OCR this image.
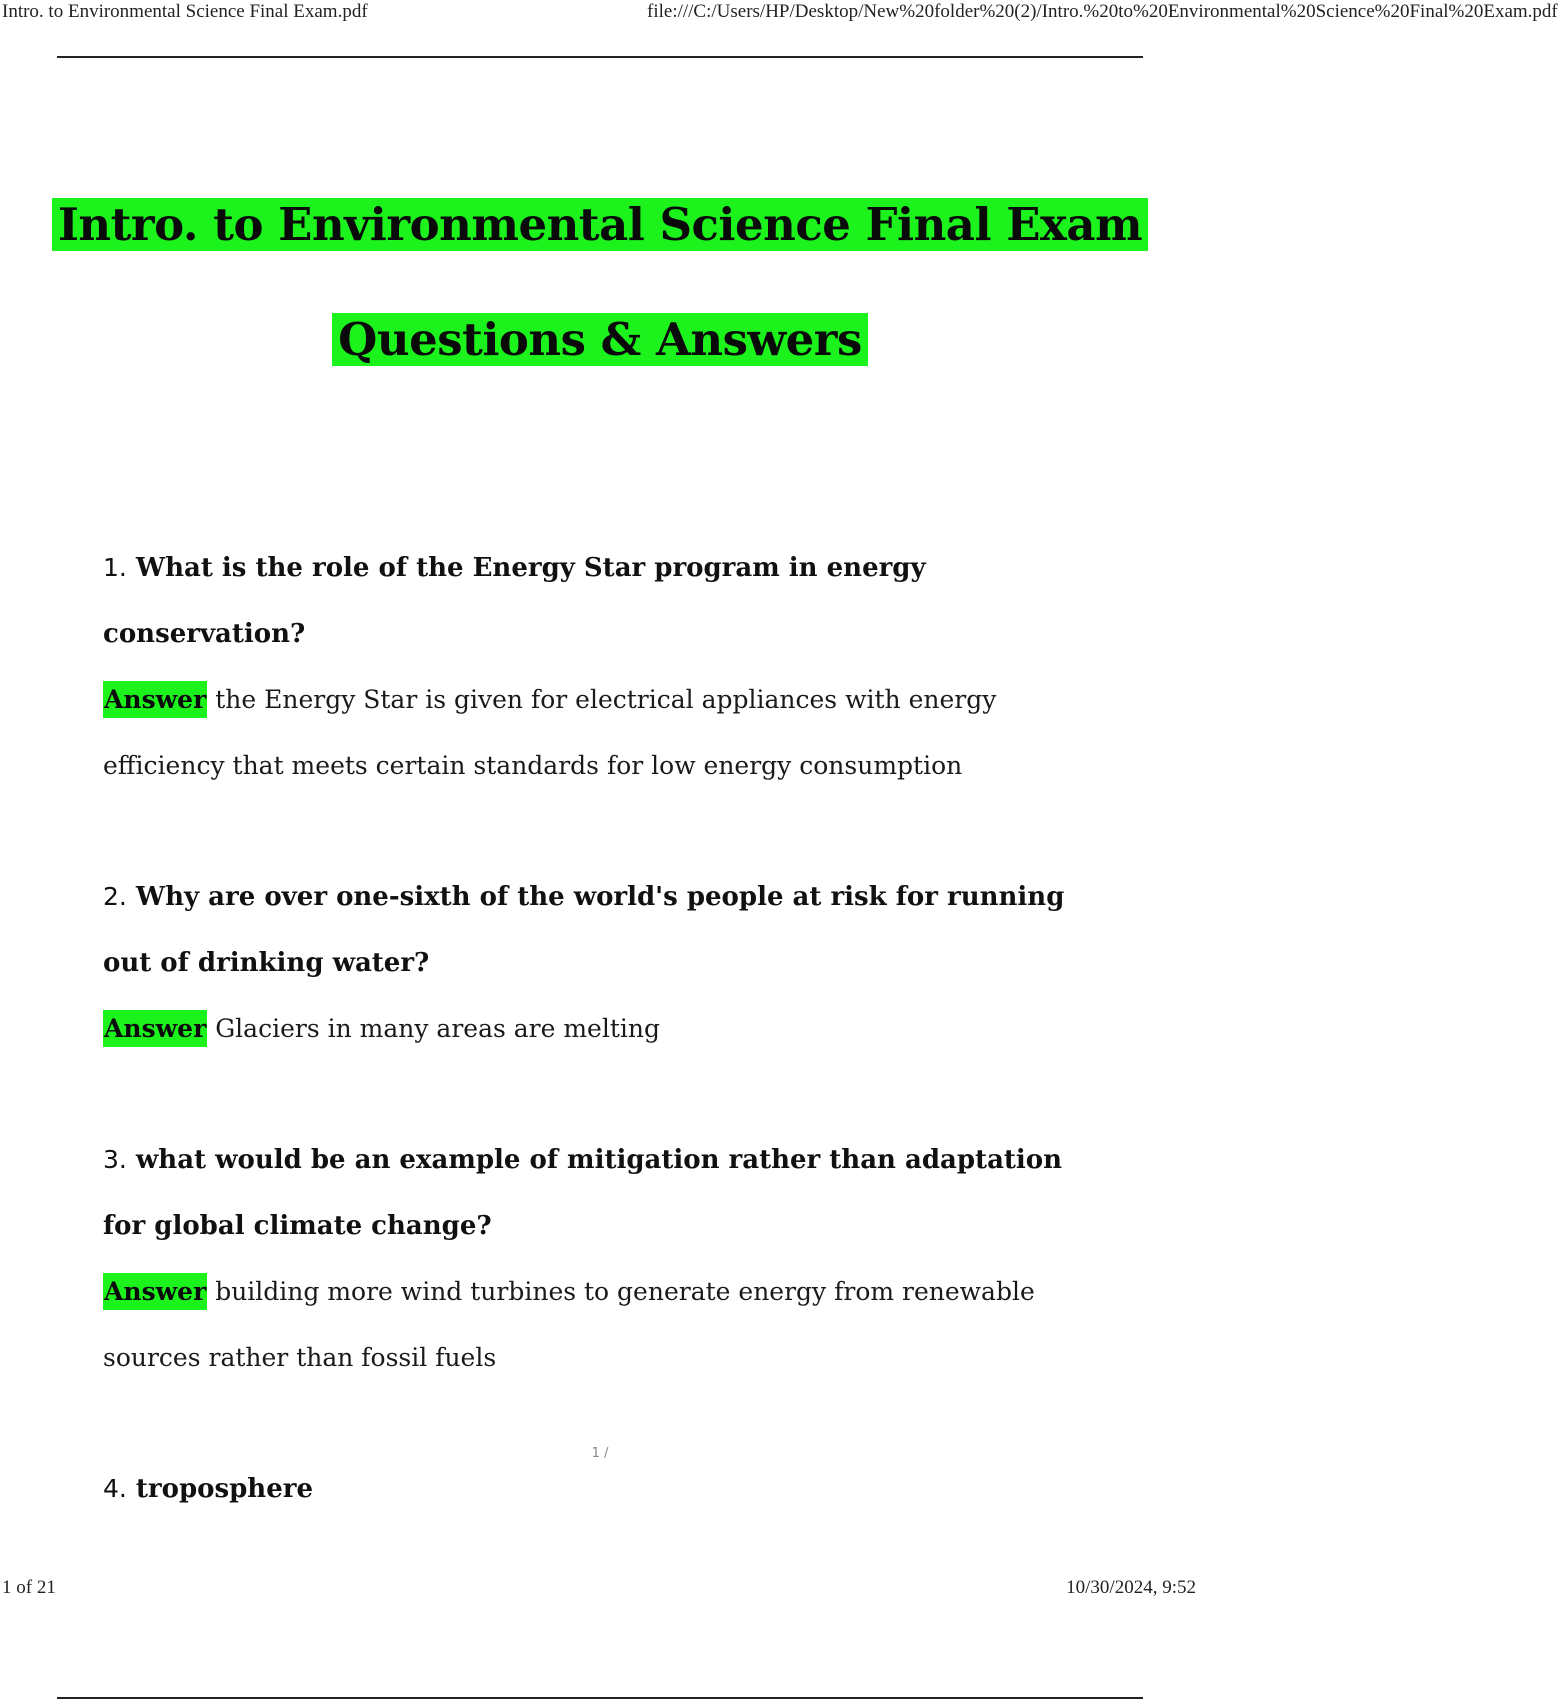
Intro. to Environmental Science Final Exam.pdf	file:///C:/Users/HP/Desktop/New%20folder%20(2)/Intro.%20to%20Environmental%20Science%20Final%20Exam.pdf
Intro. to Environmental Science Final Exam
Questions & Answers

1. What is the role of the Energy Star program in energy conservation?

Answer the Energy Star is given for electrical appliances with energy efficiency that meets certain standards for low energy consumption

2. Why are over one-sixth of the world's people at risk for running out of drinking water?

Answer Glaciers in many areas are melting

3. what would be an example of mitigation rather than adaptation for global climate change?

Answer building more wind turbines to generate energy from renewable sources rather than fossil fuels

4. troposphere

1 /
1 of 21	10/30/2024, 9:52
